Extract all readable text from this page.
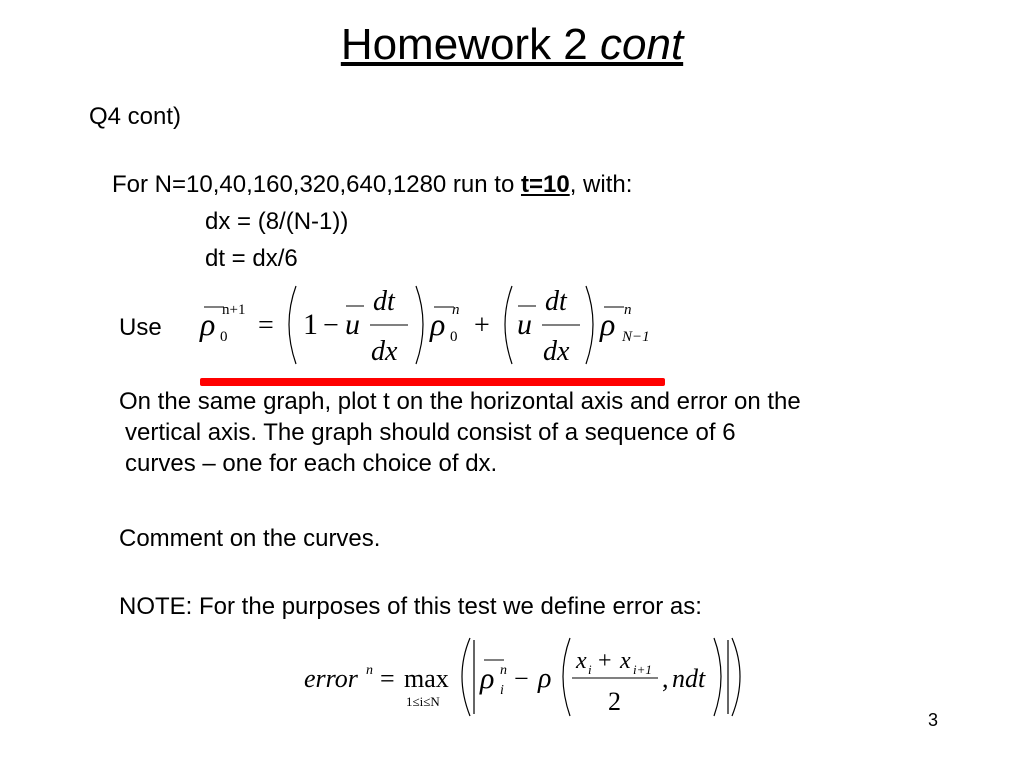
Homework 2 cont
Q4 cont)
For N=10,40,160,320,640,1280 run to t=10, with:
dx = (8/(N-1))
dt = dx/6
Use ρ n+1
0 = 1 − u
dt
dx
ρ n
0 + u
dt
dx
ρ n
N−1
On the same graph, plot t on the horizontal axis and error on the
vertical axis. The graph should consist of a sequence of 6
curves – one for each choice of dx.
Comment on the curves.
NOTE: For the purposes of this test we define error as:
error n = max
1≤i≤N
ρ n
i − ρ
x i + x i+1
2
, ndt
3
